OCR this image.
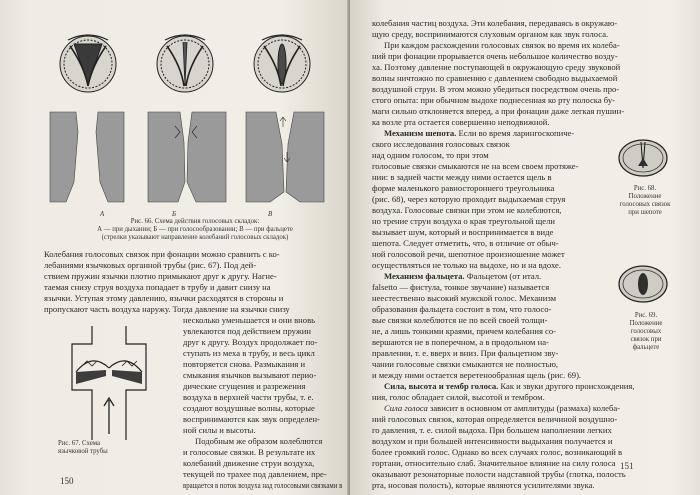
А	Б	В
Рис. 66. Схема действия голосовых складок:
А — при дыхании; Б — при голосообразовании; В — при фальцете
(стрелки указывают направление колебаний голосовых складок)
Колебания голосовых связок при фонации можно сравнить с ко-
лебаниями язычковых органной трубы (рис. 67). Под дей-
ствием пружин язычки плотно примыкают друг к другу. Нагне-
таемая снизу струя воздуха попадает в трубу и давит снизу на
язычки. Уступая этому давлению, язычки расходятся в стороны и
пропускают часть воздуха наружу. Тогда давление на язычки снизу
Рис. 67. Схема
язычковой трубы
несколько уменьшается и они вновь
увлекаются под действием пружин
друг к другу. Воздух продолжает по-
ступать из меха в трубу, и весь цикл
повторяется снова. Размыкания и
смыкания язычков вызывают перио-
дические сгущения и разрежения
воздуха в верхней части трубы, т. е.
создают воздушные волны, которые
воспринимаются как звук определен-
ной силы и высоты.
Подобным же образом колеблются
и голосовые связки. В результате их
колебаний движение струи воздуха,
текущей по трахее под давлением, пре-
вращается в поток воздуха над голосовыми связками в
150
колебания частиц воздуха. Эти колебания, передаваясь в окружаю-
щую среду, воспринимаются слуховым органом как звук голоса.
При каждом расхождении голосовых связок во время их колеба-
ний при фонации прорывается очень небольшое количество возду-
ха. Поэтому давление поступающей в окружающую среду звуковой
волны ничтожно по сравнению с давлением свободно выдыхаемой
воздушной струи. В этом можно убедиться посредством очень про-
стого опыта: при обычном выдохе поднесенная ко рту полоска бу-
маги сильно отклоняется вперед, а при фонации даже легкая пушин-
ка возле рта остается совершенно неподвижной.
Механизм шепота. Если во время ларингоскопиче-
ского исследования голосовых связок
над одним голосом, то при этом
голосовые связки смыкаются не на всем своем протяже-
нии: в задней части между ними остается щель в
форме маленького равностороннего треугольника
(рис. 68), через которую проходит выдыхаемая струя
воздуха. Голосовые связки при этом не колеблются,
но трение струи воздуха о края треугольной щели
вызывает шум, который и воспринимается в виде
шепота. Следует отметить, что, в отличие от обыч-
ной голосовой речи, шепотное произношение может
осуществляться не только на выдохе, но и на вдохе.
Рис. 68.
Положение
голосовых связок
при шепоте
Механизм фальцета. Фальцетом (от итал.
falsetto — фистула, тонкое звучание) называется
неестественно высокий мужской голос. Механизм
образования фальцета состоит в том, что голосо-
вые связки колеблются не по всей своей толщи-
не, а лишь тонкими краями, причем колебания со-
вершаются не в поперечном, а в продольном на-
правлении, т. е. вверх и вниз. При фальцетном зву-
чании голосовые связки смыкаются не полностью,
и между ними остается веретенообразная щель (рис. 69).
Рис. 69.
Положение
голосовых
связок при
фальцете
Сила, высота и тембр голоса. Как и звуки другого происхождения,
ния, голос обладает силой, высотой и тембром.
Сила голоса зависит в основном от амплитуды (размаха) колеба-
ний голосовых связок, которая определяется величиной воздушно-
го давления, т. е. силой выдоха. При большем наполнении легких
воздухом и при большей интенсивности выдыхания получается и
более громкий голос. Однако во всех случаях голос, возникающий в
гортани, относительно слаб. Значительное влияние на силу голоса
оказывают резонаторные полости надставной трубы (глотка, полость
рта, носовая полость), которые являются усилителями звука.
151
